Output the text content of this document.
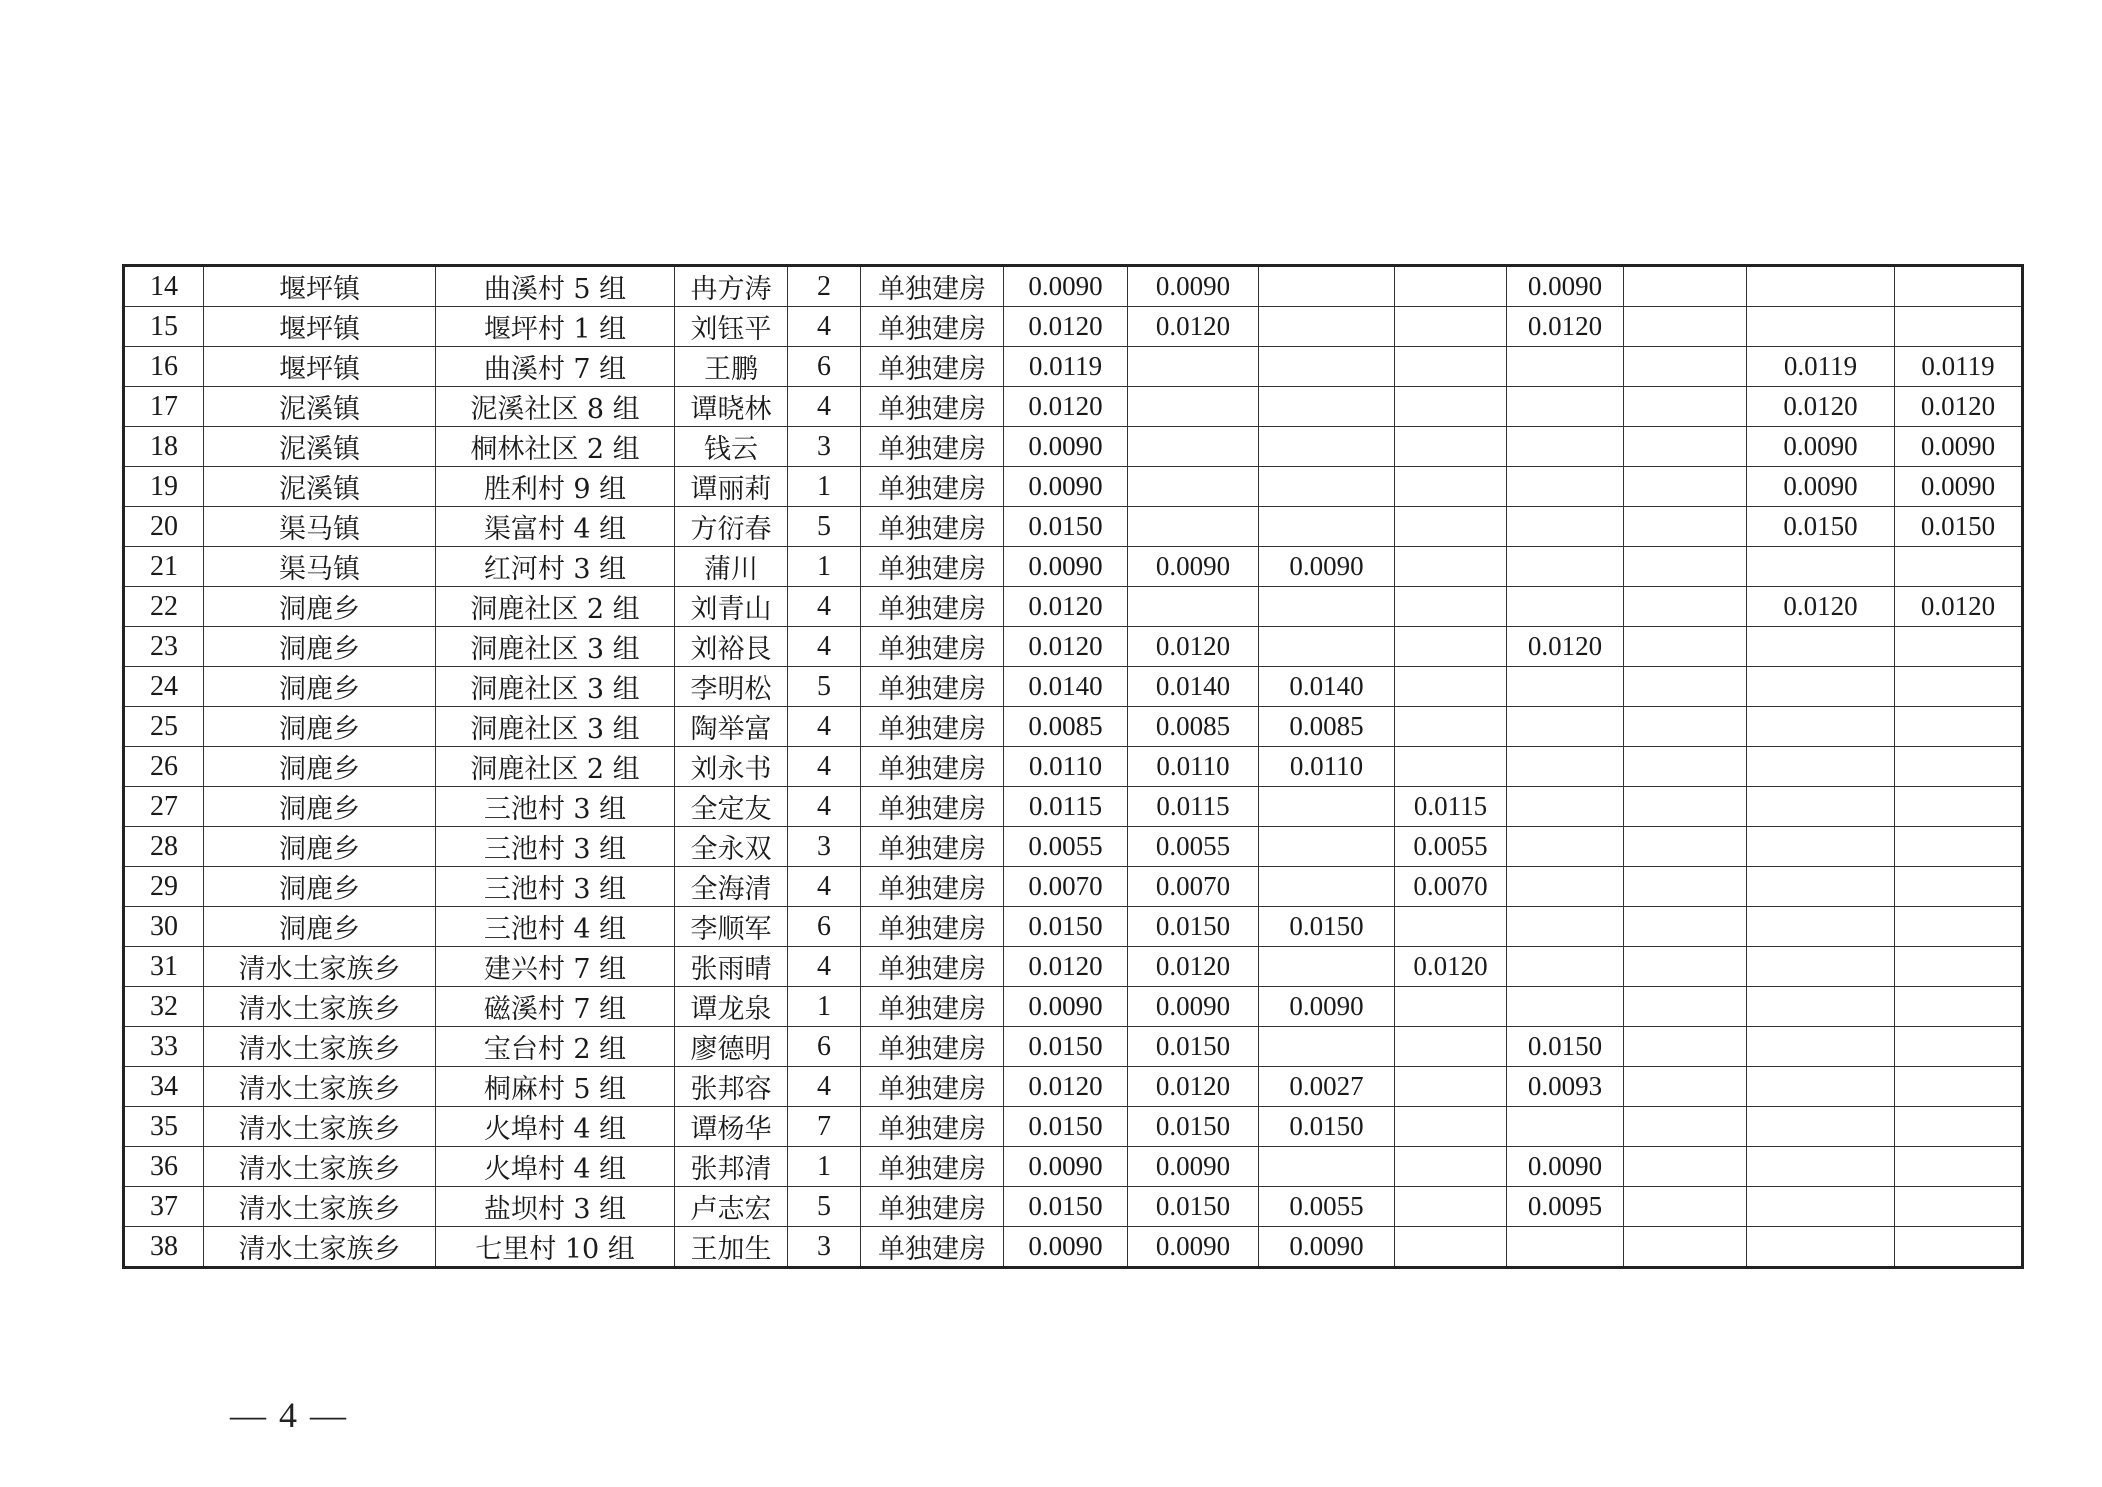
14	堰坪镇	曲溪村 5 组	冉方涛	2	单独建房	0.0090	0.0090			0.0090			
15	堰坪镇	堰坪村 1 组	刘钰平	4	单独建房	0.0120	0.0120			0.0120			
16	堰坪镇	曲溪村 7 组	王鹏	6	单独建房	0.0119						0.0119	0.0119
17	泥溪镇	泥溪社区 8 组	谭晓林	4	单独建房	0.0120						0.0120	0.0120
18	泥溪镇	桐林社区 2 组	钱云	3	单独建房	0.0090						0.0090	0.0090
19	泥溪镇	胜利村 9 组	谭丽莉	1	单独建房	0.0090						0.0090	0.0090
20	渠马镇	渠富村 4 组	方衍春	5	单独建房	0.0150						0.0150	0.0150
21	渠马镇	红河村 3 组	蒲川	1	单独建房	0.0090	0.0090	0.0090					
22	洞鹿乡	洞鹿社区 2 组	刘青山	4	单独建房	0.0120						0.0120	0.0120
23	洞鹿乡	洞鹿社区 3 组	刘裕艮	4	单独建房	0.0120	0.0120			0.0120			
24	洞鹿乡	洞鹿社区 3 组	李明松	5	单独建房	0.0140	0.0140	0.0140					
25	洞鹿乡	洞鹿社区 3 组	陶举富	4	单独建房	0.0085	0.0085	0.0085					
26	洞鹿乡	洞鹿社区 2 组	刘永书	4	单独建房	0.0110	0.0110	0.0110					
27	洞鹿乡	三池村 3 组	全定友	4	单独建房	0.0115	0.0115		0.0115				
28	洞鹿乡	三池村 3 组	全永双	3	单独建房	0.0055	0.0055		0.0055				
29	洞鹿乡	三池村 3 组	全海清	4	单独建房	0.0070	0.0070		0.0070				
30	洞鹿乡	三池村 4 组	李顺军	6	单独建房	0.0150	0.0150	0.0150					
31	清水土家族乡	建兴村 7 组	张雨晴	4	单独建房	0.0120	0.0120		0.0120				
32	清水土家族乡	磁溪村 7 组	谭龙泉	1	单独建房	0.0090	0.0090	0.0090					
33	清水土家族乡	宝台村 2 组	廖德明	6	单独建房	0.0150	0.0150			0.0150			
34	清水土家族乡	桐麻村 5 组	张邦容	4	单独建房	0.0120	0.0120	0.0027		0.0093			
35	清水土家族乡	火埠村 4 组	谭杨华	7	单独建房	0.0150	0.0150	0.0150					
36	清水土家族乡	火埠村 4 组	张邦清	1	单独建房	0.0090	0.0090			0.0090			
37	清水土家族乡	盐坝村 3 组	卢志宏	5	单独建房	0.0150	0.0150	0.0055		0.0095			
38	清水土家族乡	七里村 10 组	王加生	3	单独建房	0.0090	0.0090	0.0090					
— 4 —
